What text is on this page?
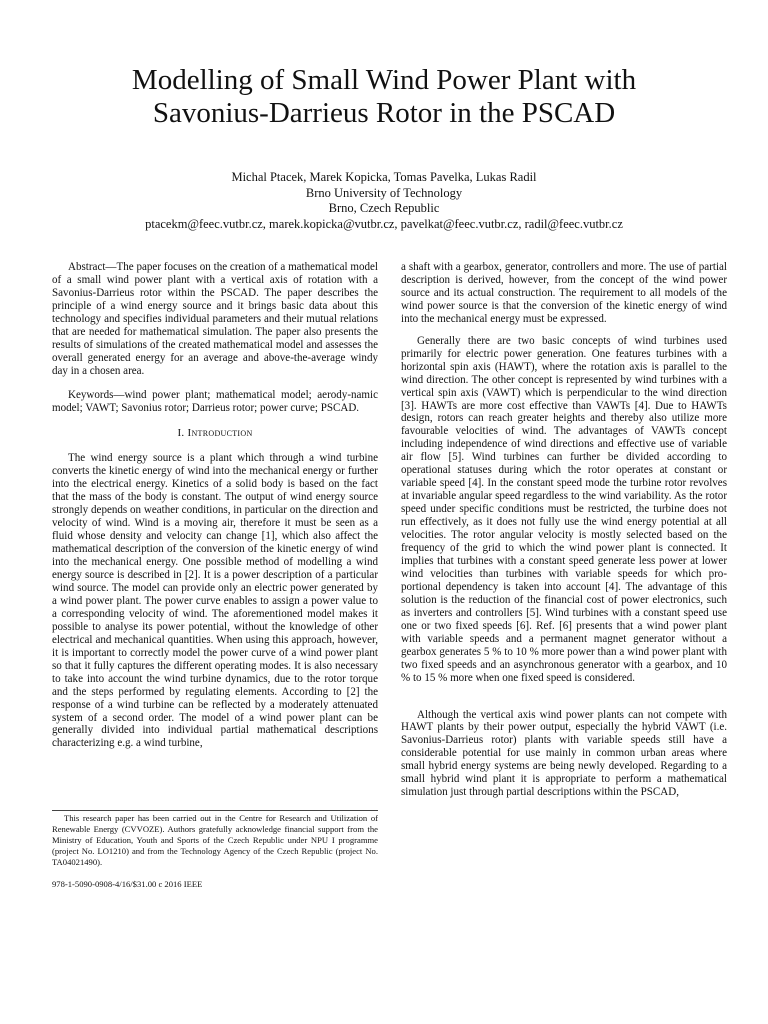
Modelling of Small Wind Power Plant with
Savonius-Darrieus Rotor in the PSCAD
Michal Ptacek, Marek Kopicka, Tomas Pavelka, Lukas Radil
Brno University of Technology
Brno, Czech Republic
ptacekm@feec.vutbr.cz, marek.kopicka@vutbr.cz, pavelkat@feec.vutbr.cz, radil@feec.vutbr.cz

Abstract—The paper focuses on the creation of a mathematical model of a small wind power plant with a vertical axis of rotation with a Savonius-Darrieus rotor within the PSCAD. The paper describes the principle of a wind energy source and it brings basic data about this technology and specifies individual parameters and their mutual relations that are needed for mathematical simulation. The paper also presents the results of simulations of the created mathematical model and assesses the overall generated energy for an average and above-the-average windy day in a chosen area.

Keywords—wind power plant; mathematical model; aerody-namic model; VAWT; Savonius rotor; Darrieus rotor; power curve; PSCAD.

I. Introduction

The wind energy source is a plant which through a wind turbine converts the kinetic energy of wind into the mechanical energy or further into the electrical energy. Kinetics of a solid body is based on the fact that the mass of the body is constant. The output of wind energy source strongly depends on weather conditions, in particular on the direction and velocity of wind. Wind is a moving air, therefore it must be seen as a fluid whose density and velocity can change [1], which also affect the mathematical description of the conversion of the kinetic energy of wind into the mechanical energy. One possible method of modelling a wind energy source is described in [2]. It is a power description of a particular wind source. The model can provide only an electric power generated by a wind power plant. The power curve enables to assign a power value to a corresponding velocity of wind. The aforementioned model makes it possible to analyse its power potential, without the knowledge of other electrical and mechanical quantities. When using this approach, however, it is important to correctly model the power curve of a wind power plant so that it fully captures the different operating modes. It is also necessary to take into account the wind turbine dynamics, due to the rotor torque and the steps performed by regulating elements. According to [2] the response of a wind turbine can be reflected by a moderately attenuated system of a second order. The model of a wind power plant can be generally divided into individual partial mathematical descriptions characterizing e.g. a wind turbine,

a shaft with a gearbox, generator, controllers and more. The use of partial description is derived, however, from the concept of the wind power source and its actual construction. The requirement to all models of the wind power source is that the conversion of the kinetic energy of wind into the mechanical energy must be expressed.

Generally there are two basic concepts of wind turbines used primarily for electric power generation. One features turbines with a horizontal spin axis (HAWT), where the rotation axis is parallel to the wind direction. The other concept is represented by wind turbines with a vertical spin axis (VAWT) which is perpendicular to the wind direction [3]. HAWTs are more cost effective than VAWTs [4]. Due to HAWTs design, rotors can reach greater heights and thereby also utilize more favourable velocities of wind. The advantages of VAWTs concept including independence of wind directions and effective use of variable air flow [5]. Wind turbines can further be divided according to operational statuses during which the rotor operates at constant or variable speed [4]. In the constant speed mode the turbine rotor revolves at invariable angular speed regardless to the wind variability. As the rotor speed under specific conditions must be restricted, the turbine does not run effectively, as it does not fully use the wind energy potential at all velocities. The rotor angular velocity is mostly selected based on the frequency of the grid to which the wind power plant is connected. It implies that turbines with a constant speed generate less power at lower wind velocities than turbines with variable speeds for which pro-portional dependency is taken into account [4]. The advantage of this solution is the reduction of the financial cost of power electronics, such as inverters and controllers [5]. Wind turbines with a constant speed use one or two fixed speeds [6]. Ref. [6] presents that a wind power plant with variable speeds and a permanent magnet generator without a gearbox generates 5 % to 10 % more power than a wind power plant with two fixed speeds and an asynchronous generator with a gearbox, and 10 % to 15 % more when one fixed speed is considered.

Although the vertical axis wind power plants can not compete with HAWT plants by their power output, especially the hybrid VAWT (i.e. Savonius-Darrieus rotor) plants with variable speeds still have a considerable potential for use mainly in common urban areas where small hybrid energy systems are being newly developed. Regarding to a small hybrid wind plant it is appropriate to perform a mathematical simulation just through partial descriptions within the PSCAD,

This research paper has been carried out in the Centre for Research and Utilization of Renewable Energy (CVVOZE). Authors gratefully acknowledge financial support from the Ministry of Education, Youth and Sports of the Czech Republic under NPU I programme (project No. LO1210) and from the Technology Agency of the Czech Republic (project No. TA04021490).

978-1-5090-0908-4/16/$31.00 c 2016 IEEE
